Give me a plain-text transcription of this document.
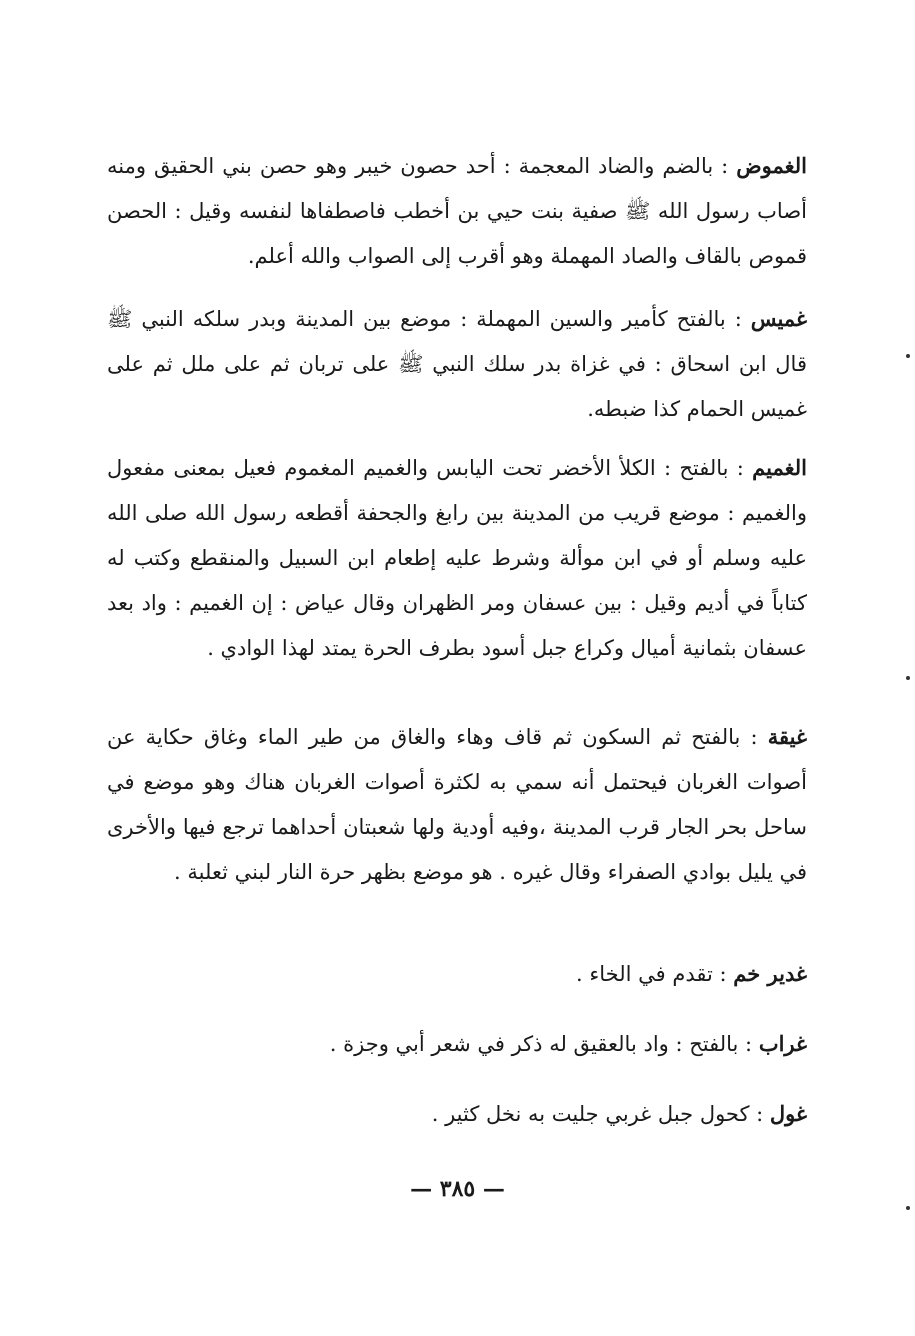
الغموض : بالضم والضاد المعجمة : أحد حصون خيبر وهو حصن بني الحقيق ومنه أصاب رسول الله ﷺ صفية بنت حيي بن أخطب فاصطفاها لنفسه وقيل : الحصن قموص بالقاف والصاد المهملة وهو أقرب إلى الصواب والله أعلم.

غميس : بالفتح كأمير والسين المهملة : موضع بين المدينة وبدر سلكه النبي ﷺ قال ابن اسحاق : في غزاة بدر سلك النبي ﷺ على تربان ثم على ملل ثم على غميس الحمام كذا ضبطه.

الغميم : بالفتح : الكلأ الأخضر تحت اليابس والغميم المغموم فعيل بمعنى مفعول والغميم : موضع قريب من المدينة بين رابغ والجحفة أقطعه رسول الله صلى الله عليه وسلم أو في ابن موألة وشرط عليه إطعام ابن السبيل والمنقطع وكتب له كتاباً في أديم وقيل : بين عسفان ومر الظهران وقال عياض : إن الغميم : واد بعد عسفان بثمانية أميال وكراع جبل أسود بطرف الحرة يمتد لهذا الوادي .

غيقة : بالفتح ثم السكون ثم قاف وهاء والغاق من طير الماء وغاق حكاية عن أصوات الغربان فيحتمل أنه سمي به لكثرة أصوات الغربان هناك وهو موضع في ساحل بحر الجار قرب المدينة ،وفيه أودية ولها شعبتان أحداهما ترجع فيها والأخرى في يليل بوادي الصفراء وقال غيره . هو موضع بظهر حرة النار لبني ثعلبة .

غدير خم : تقدم في الخاء .

غراب : بالفتح : واد بالعقيق له ذكر في شعر أبي وجزة .

غول : كحول جبل غربي جليت به نخل كثير .

— ٣٨٥ —
